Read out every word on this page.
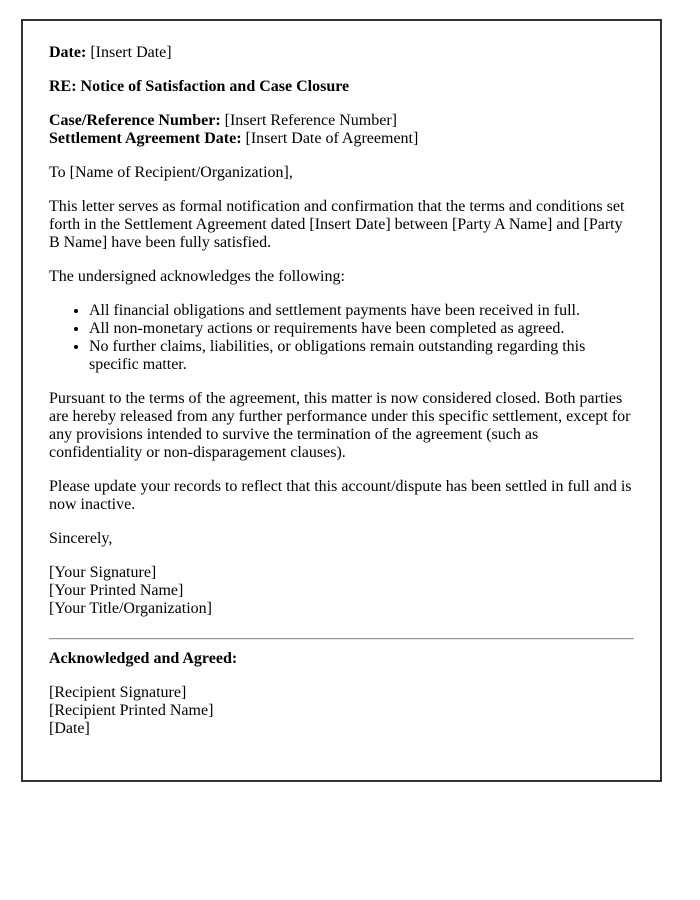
Date: [Insert Date]

RE: Notice of Satisfaction and Case Closure

Case/Reference Number: [Insert Reference Number]
Settlement Agreement Date: [Insert Date of Agreement]

To [Name of Recipient/Organization],

This letter serves as formal notification and confirmation that the terms and conditions set forth in the Settlement Agreement dated [Insert Date] between [Party A Name] and [Party B Name] have been fully satisfied.

The undersigned acknowledges the following:

• All financial obligations and settlement payments have been received in full.
• All non-monetary actions or requirements have been completed as agreed.
• No further claims, liabilities, or obligations remain outstanding regarding this specific matter.

Pursuant to the terms of the agreement, this matter is now considered closed. Both parties are hereby released from any further performance under this specific settlement, except for any provisions intended to survive the termination of the agreement (such as confidentiality or non-disparagement clauses).

Please update your records to reflect that this account/dispute has been settled in full and is now inactive.

Sincerely,

[Your Signature]
[Your Printed Name]
[Your Title/Organization]

Acknowledged and Agreed:

[Recipient Signature]
[Recipient Printed Name]
[Date]
